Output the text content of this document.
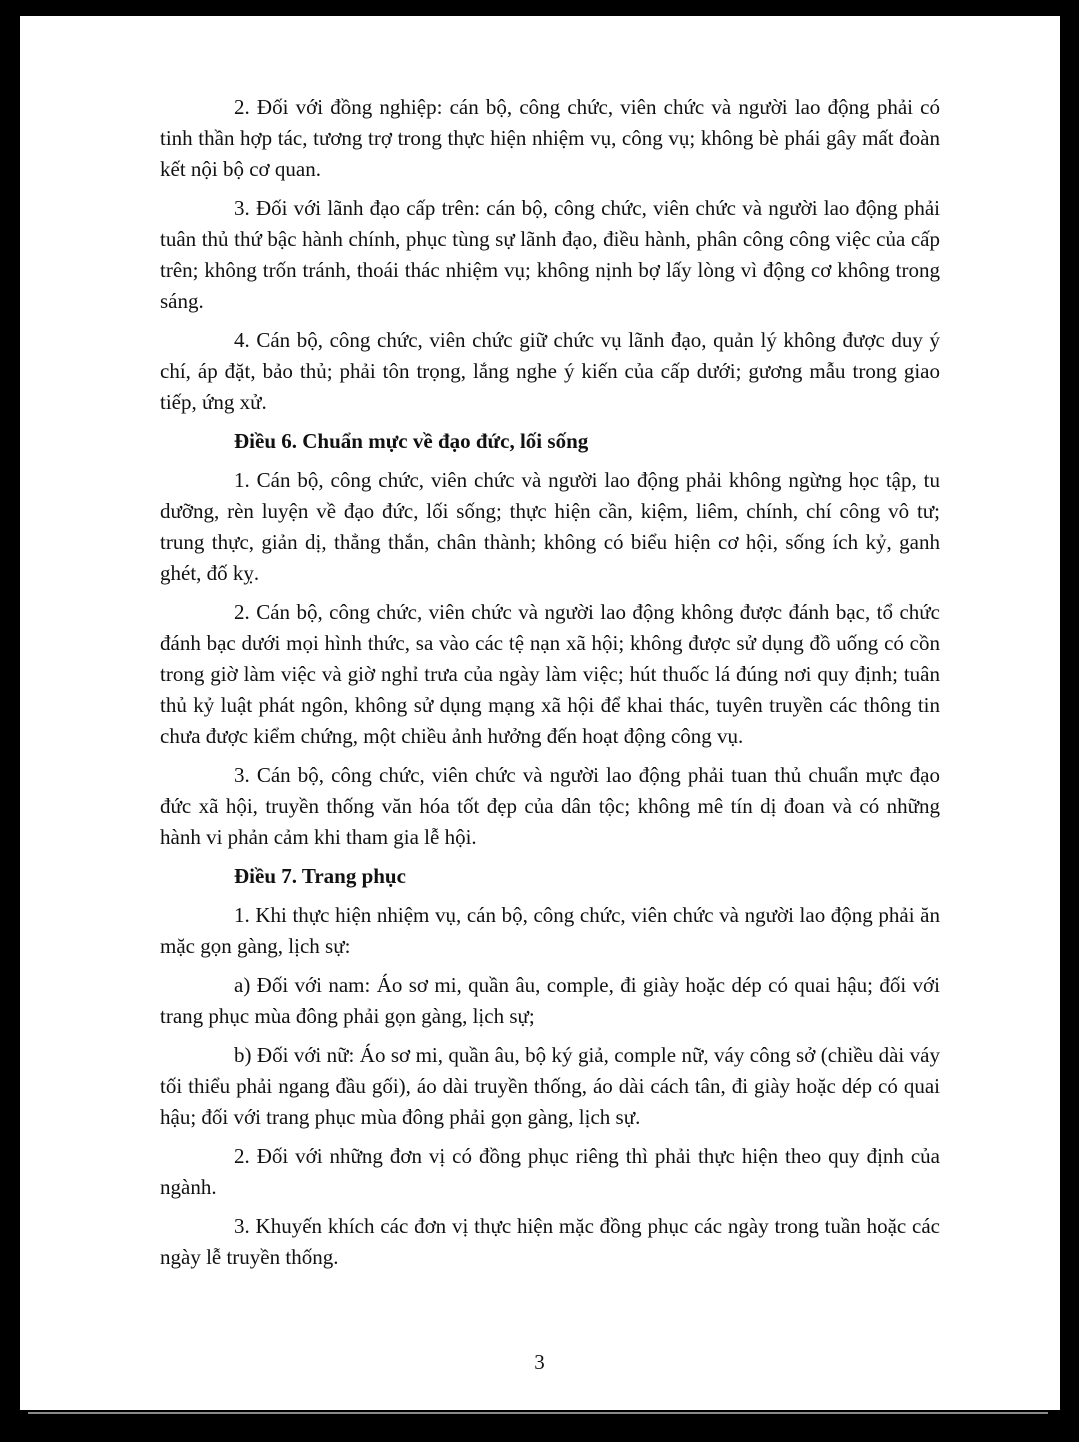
2. Đối với đồng nghiệp: cán bộ, công chức, viên chức và người lao động phải có tinh thần hợp tác, tương trợ trong thực hiện nhiệm vụ, công vụ; không bè phái gây mất đoàn kết nội bộ cơ quan.

3. Đối với lãnh đạo cấp trên: cán bộ, công chức, viên chức và người lao động phải tuân thủ thứ bậc hành chính, phục tùng sự lãnh đạo, điều hành, phân công công việc của cấp trên; không trốn tránh, thoái thác nhiệm vụ; không nịnh bợ lấy lòng vì động cơ không trong sáng.

4. Cán bộ, công chức, viên chức giữ chức vụ lãnh đạo, quản lý không được duy ý chí, áp đặt, bảo thủ; phải tôn trọng, lắng nghe ý kiến của cấp dưới; gương mẫu trong giao tiếp, ứng xử.

Điều 6. Chuẩn mực về đạo đức, lối sống

1. Cán bộ, công chức, viên chức và người lao động phải không ngừng học tập, tu dưỡng, rèn luyện về đạo đức, lối sống; thực hiện cần, kiệm, liêm, chính, chí công vô tư; trung thực, giản dị, thẳng thắn, chân thành; không có biểu hiện cơ hội, sống ích kỷ, ganh ghét, đố kỵ.

2. Cán bộ, công chức, viên chức và người lao động không được đánh bạc, tổ chức đánh bạc dưới mọi hình thức, sa vào các tệ nạn xã hội; không được sử dụng đồ uống có cồn trong giờ làm việc và giờ nghỉ trưa của ngày làm việc; hút thuốc lá đúng nơi quy định; tuân thủ kỷ luật phát ngôn, không sử dụng mạng xã hội để khai thác, tuyên truyền các thông tin chưa được kiểm chứng, một chiều ảnh hưởng đến hoạt động công vụ.

3. Cán bộ, công chức, viên chức và người lao động phải tuan thủ chuẩn mực đạo đức xã hội, truyền thống văn hóa tốt đẹp của dân tộc; không mê tín dị đoan và có những hành vi phản cảm khi tham gia lễ hội.

Điều 7. Trang phục

1. Khi thực hiện nhiệm vụ, cán bộ, công chức, viên chức và người lao động phải ăn mặc gọn gàng, lịch sự:

a) Đối với nam: Áo sơ mi, quần âu, comple, đi giày hoặc dép có quai hậu; đối với trang phục mùa đông phải gọn gàng, lịch sự;

b) Đối với nữ: Áo sơ mi, quần âu, bộ ký giả, comple nữ, váy công sở (chiều dài váy tối thiểu phải ngang đầu gối), áo dài truyền thống, áo dài cách tân, đi giày hoặc dép có quai hậu; đối với trang phục mùa đông phải gọn gàng, lịch sự.

2. Đối với những đơn vị có đồng phục riêng thì phải thực hiện theo quy định của ngành.

3. Khuyến khích các đơn vị thực hiện mặc đồng phục các ngày trong tuần hoặc các ngày lễ truyền thống.

3
